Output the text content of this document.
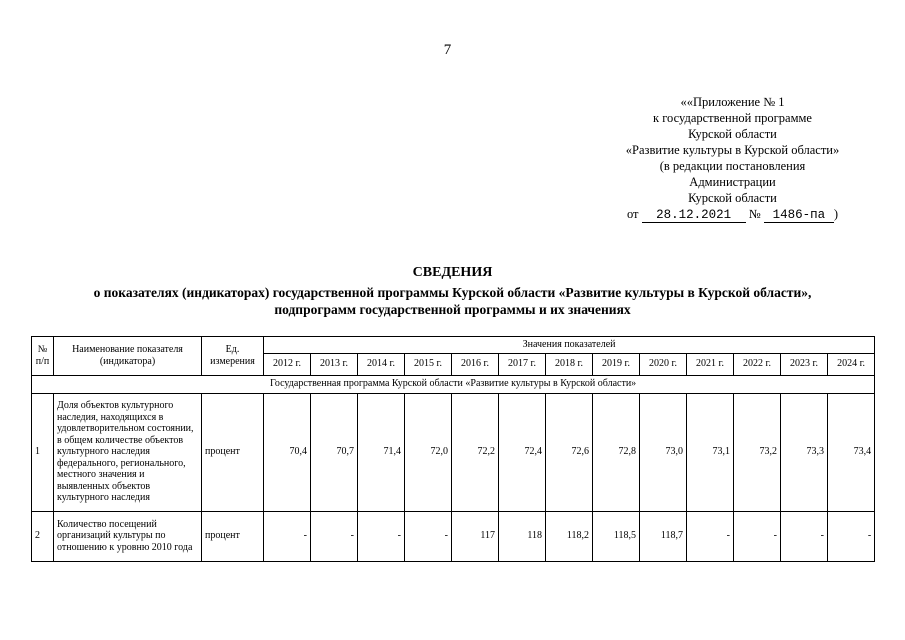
7
««Приложение № 1
к государственной программе
Курской области
«Развитие культуры в Курской области»
(в редакции постановления
Администрации
Курской области
от 28.12.2021 № 1486-па )
СВЕДЕНИЯ
о показателях (индикаторах) государственной программы Курской области «Развитие культуры в Курской области», подпрограмм государственной программы и их значениях
№ п/п	Наименование показателя (индикатора)	Ед. измерения	Значения показателей												
			2012 г.	2013 г.	2014 г.	2015 г.	2016 г.	2017 г.	2018 г.	2019 г.	2020 г.	2021 г.	2022 г.	2023 г.	2024 г.
Государственная программа Курской области «Развитие культуры в Курской области»															
1	Доля объектов культурного наследия, находящихся в удовлетворительном состоянии, в общем количестве объектов культурного наследия федерального, регионального, местного значения и выявленных объектов культурного наследия	процент	70,4	70,7	71,4	72,0	72,2	72,4	72,6	72,8	73,0	73,1	73,2	73,3	73,4
2	Количество посещений организаций культуры по отношению к уровню 2010 года	процент	-	-	-	-	117	118	118,2	118,5	118,7	-	-	-	-
